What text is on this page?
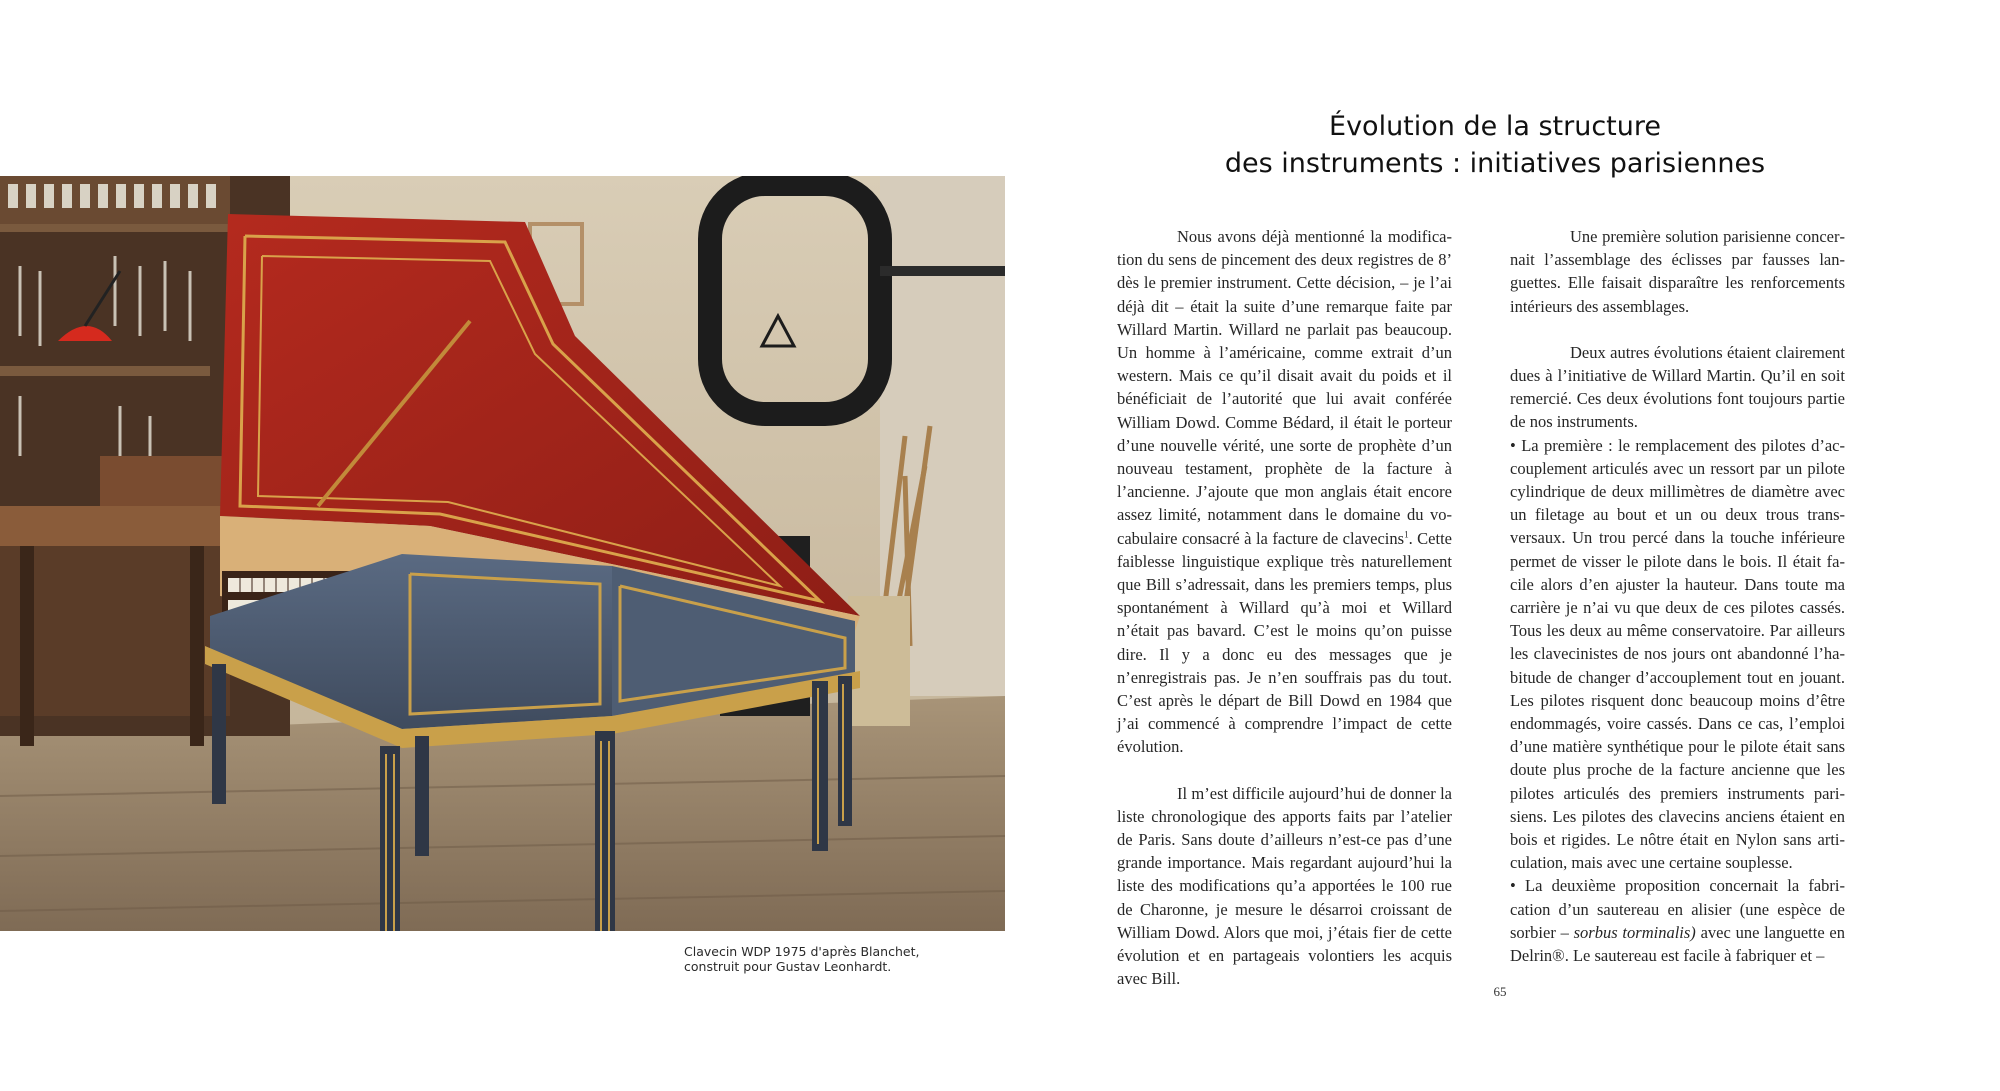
Clavecin WDP 1975 d'après Blanchet,
construit pour Gustav Leonhardt.
Évolution de la structure
des instruments : initiatives parisiennes

Nous avons déjà mentionné la modification du sens de pincement des deux registres de 8’ dès le premier instrument. Cette décision, – je l’ai déjà dit – était la suite d’une remarque faite par Willard Martin. Willard ne parlait pas beaucoup. Un homme à l’américaine, comme extrait d’un western. Mais ce qu’il disait avait du poids et il bénéficiait de l’autorité que lui avait conférée William Dowd. Comme Bédard, il était le porteur d’une nouvelle vérité, une sorte de prophète d’un nouveau testament, prophète de la facture à l’ancienne. J’ajoute que mon anglais était encore assez limité, notamment dans le domaine du vocabulaire consacré à la facture de clavecins$^1$. Cette faiblesse linguistique explique très naturellement que Bill s’adressait, dans les premiers temps, plus spontanément à Willard qu’à moi et Willard n’était pas bavard. C’est le moins qu’on puisse dire. Il y a donc eu des messages que je n’enregistrais pas. Je n’en souffrais pas du tout. C’est après le départ de Bill Dowd en 1984 que j’ai commencé à comprendre l’impact de cette évolution.

Il m’est difficile aujourd’hui de donner la liste chronologique des apports faits par l’atelier de Paris. Sans doute d’ailleurs n’est-ce pas d’une grande importance. Mais regardant aujourd’hui la liste des modifications qu’a apportées le 100 rue de Charonne, je mesure le désarroi croissant de William Dowd. Alors que moi, j’étais fier de cette évolution et en partageais volontiers les acquis avec Bill.

Une première solution parisienne concernait l’assemblage des éclisses par fausses languettes. Elle faisait disparaître les renforcements intérieurs des assemblages.

Deux autres évolutions étaient clairement dues à l’initiative de Willard Martin. Qu’il en soit remercié. Ces deux évolutions font toujours partie de nos instruments.

• La première : le remplacement des pilotes d’accouplement articulés avec un ressort par un pilote cylindrique de deux millimètres de diamètre avec un filetage au bout et un ou deux trous transversaux. Un trou percé dans la touche inférieure permet de visser le pilote dans le bois. Il était facile alors d’en ajuster la hauteur. Dans toute ma carrière je n’ai vu que deux de ces pilotes cassés. Tous les deux au même conservatoire. Par ailleurs les clavecinistes de nos jours ont abandonné l’habitude de changer d’accouplement tout en jouant. Les pilotes risquent donc beaucoup moins d’être endommagés, voire cassés. Dans ce cas, l’emploi d’une matière synthétique pour le pilote était sans doute plus proche de la facture ancienne que les pilotes articulés des premiers instruments parisiens. Les pilotes des clavecins anciens étaient en bois et rigides. Le nôtre était en Nylon sans articulation, mais avec une certaine souplesse.

• La deuxième proposition concernait la fabrication d’un sautereau en alisier (une espèce de sorbier – sorbus torminalis) avec une languette en Delrin®. Le sautereau est facile à fabriquer et –

65
